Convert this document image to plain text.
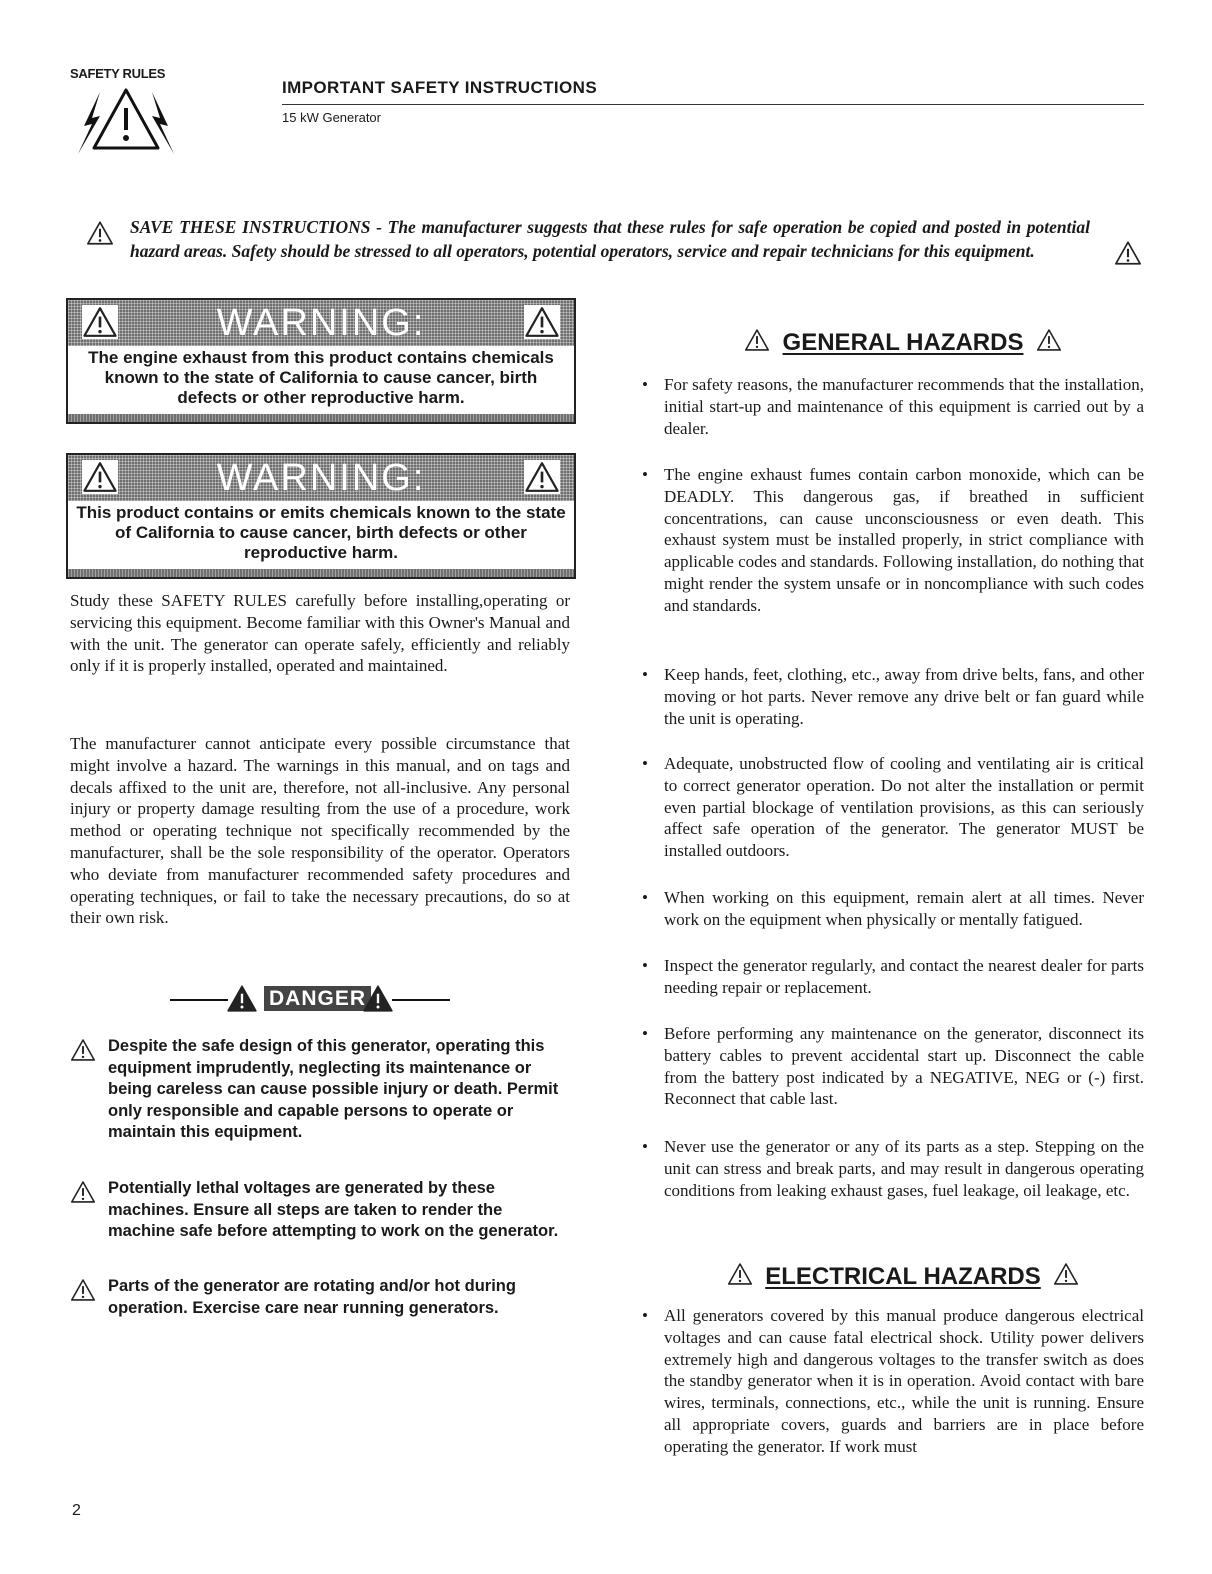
SAFETY RULES
IMPORTANT SAFETY INSTRUCTIONS
15 kW Generator
SAVE THESE INSTRUCTIONS - The manufacturer suggests that these rules for safe operation be copied and posted in potential hazard areas. Safety should be stressed to all operators, potential operators, service and repair technicians for this equipment.
WARNING:
The engine exhaust from this product contains chemicals known to the state of California to cause cancer, birth defects or other reproductive harm.
WARNING:
This product contains or emits chemicals known to the state of California to cause cancer, birth defects or other reproductive harm.
Study these SAFETY RULES carefully before installing,operating or servicing this equipment. Become familiar with this Owner's Manual and with the unit. The generator can operate safely, efficiently and reliably only if it is properly installed, operated and maintained.
The manufacturer cannot anticipate every possible circumstance that might involve a hazard. The warnings in this manual, and on tags and decals affixed to the unit are, therefore, not all-inclusive. Any personal injury or property damage resulting from the use of a procedure, work method or operating technique not specifically recommended by the manufacturer, shall be the sole responsibility of the operator. Operators who deviate from manufacturer recommended safety procedures and operating techniques, or fail to take the necessary precautions, do so at their own risk.
DANGER
Despite the safe design of this generator, operating this equipment imprudently, neglecting its maintenance or being careless can cause possible injury or death. Permit only responsible and capable persons to operate or maintain this equipment.
Potentially lethal voltages are generated by these machines. Ensure all steps are taken to render the machine safe before attempting to work on the generator.
Parts of the generator are rotating and/or hot during operation. Exercise care near running generators.
GENERAL HAZARDS
• For safety reasons, the manufacturer recommends that the installation, initial start-up and maintenance of this equipment is carried out by a dealer.
• The engine exhaust fumes contain carbon monoxide, which can be DEADLY. This dangerous gas, if breathed in sufficient concentrations, can cause unconsciousness or even death. This exhaust system must be installed properly, in strict compliance with applicable codes and standards. Following installation, do nothing that might render the system unsafe or in noncompliance with such codes and standards.
• Keep hands, feet, clothing, etc., away from drive belts, fans, and other moving or hot parts. Never remove any drive belt or fan guard while the unit is operating.
• Adequate, unobstructed flow of cooling and ventilating air is critical to correct generator operation. Do not alter the installation or permit even partial blockage of ventilation provisions, as this can seriously affect safe operation of the generator. The generator MUST be installed outdoors.
• When working on this equipment, remain alert at all times. Never work on the equipment when physically or mentally fatigued.
• Inspect the generator regularly, and contact the nearest dealer for parts needing repair or replacement.
• Before performing any maintenance on the generator, disconnect its battery cables to prevent accidental start up. Disconnect the cable from the battery post indicated by a NEGATIVE, NEG or (-) first. Reconnect that cable last.
• Never use the generator or any of its parts as a step. Stepping on the unit can stress and break parts, and may result in dangerous operating conditions from leaking exhaust gases, fuel leakage, oil leakage, etc.
ELECTRICAL HAZARDS
• All generators covered by this manual produce dangerous electrical voltages and can cause fatal electrical shock. Utility power delivers extremely high and dangerous voltages to the transfer switch as does the standby generator when it is in operation. Avoid contact with bare wires, terminals, connections, etc., while the unit is running. Ensure all appropriate covers, guards and barriers are in place before operating the generator. If work must
2
